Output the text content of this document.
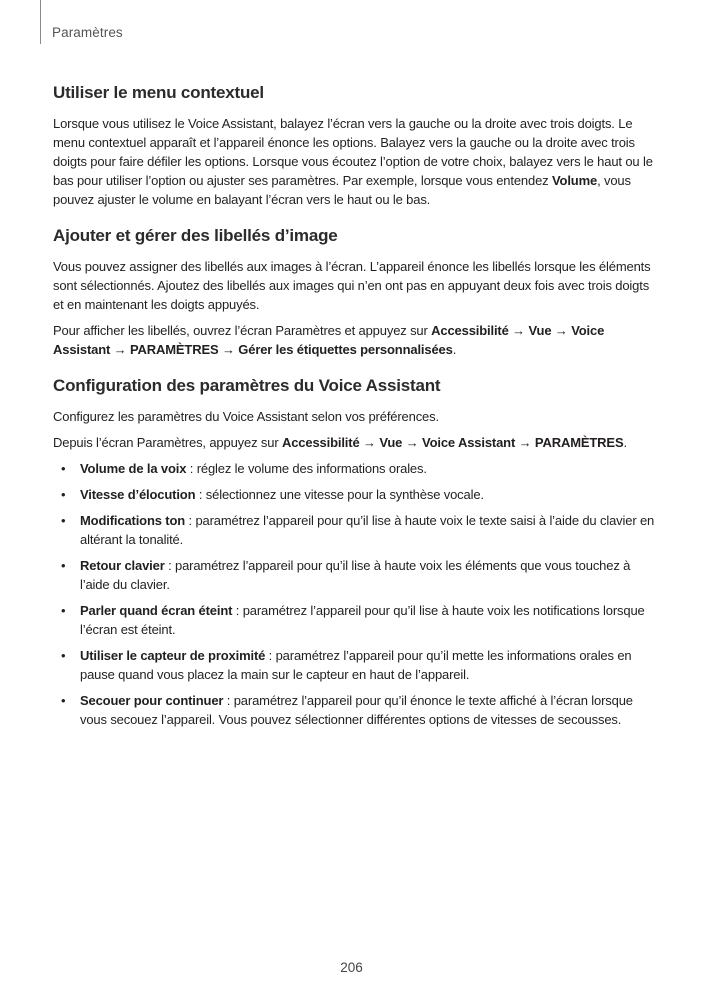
Paramètres
Utiliser le menu contextuel

Lorsque vous utilisez le Voice Assistant, balayez l’écran vers la gauche ou la droite avec trois doigts. Le menu contextuel apparaît et l’appareil énonce les options. Balayez vers la gauche ou la droite avec trois doigts pour faire défiler les options. Lorsque vous écoutez l’option de votre choix, balayez vers le haut ou le bas pour utiliser l’option ou ajuster ses paramètres. Par exemple, lorsque vous entendez Volume, vous pouvez ajuster le volume en balayant l’écran vers le haut ou le bas.

Ajouter et gérer des libellés d’image

Vous pouvez assigner des libellés aux images à l’écran. L’appareil énonce les libellés lorsque les éléments sont sélectionnés. Ajoutez des libellés aux images qui n’en ont pas en appuyant deux fois avec trois doigts et en maintenant les doigts appuyés.

Pour afficher les libellés, ouvrez l’écran Paramètres et appuyez sur Accessibilité → Vue → Voice Assistant → PARAMÈTRES → Gérer les étiquettes personnalisées.

Configuration des paramètres du Voice Assistant

Configurez les paramètres du Voice Assistant selon vos préférences.

Depuis l’écran Paramètres, appuyez sur Accessibilité → Vue → Voice Assistant → PARAMÈTRES.

• Volume de la voix : réglez le volume des informations orales.
• Vitesse d’élocution : sélectionnez une vitesse pour la synthèse vocale.
• Modifications ton : paramétrez l’appareil pour qu’il lise à haute voix le texte saisi à l’aide du clavier en altérant la tonalité.
• Retour clavier : paramétrez l’appareil pour qu’il lise à haute voix les éléments que vous touchez à l’aide du clavier.
• Parler quand écran éteint : paramétrez l’appareil pour qu’il lise à haute voix les notifications lorsque l’écran est éteint.
• Utiliser le capteur de proximité : paramétrez l’appareil pour qu’il mette les informations orales en pause quand vous placez la main sur le capteur en haut de l’appareil.
• Secouer pour continuer : paramétrez l’appareil pour qu’il énonce le texte affiché à l’écran lorsque vous secouez l’appareil. Vous pouvez sélectionner différentes options de vitesses de secousses.
206
